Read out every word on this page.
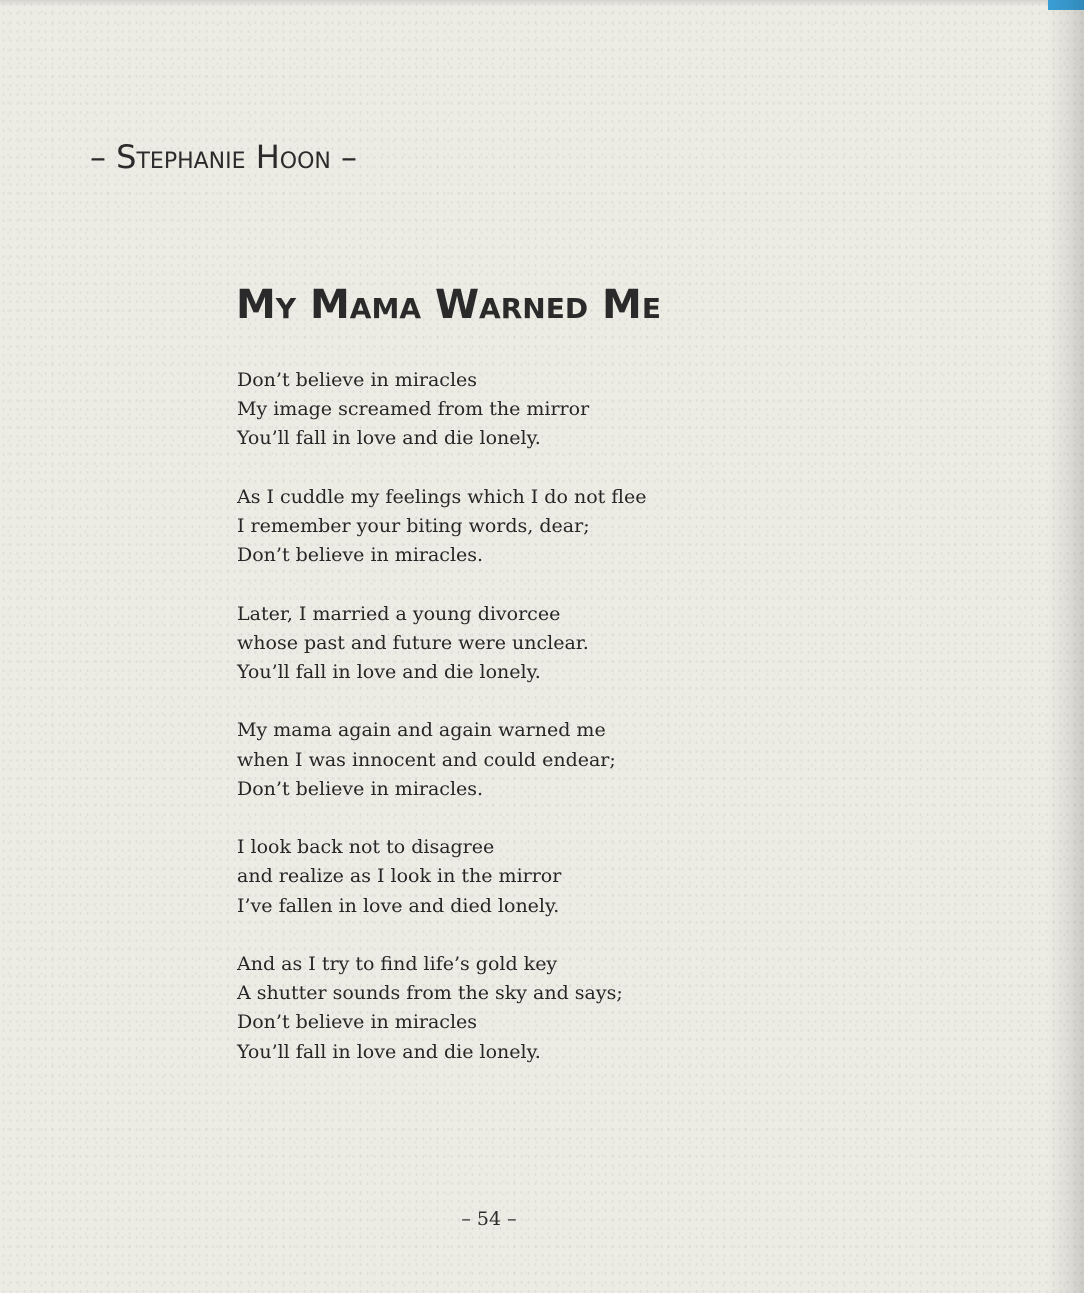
– Stephanie Hoon –
My Mama Warned Me
Don’t believe in miracles
My image screamed from the mirror
You’ll fall in love and die lonely.
As I cuddle my feelings which I do not flee
I remember your biting words, dear;
Don’t believe in miracles.
Later, I married a young divorcee
whose past and future were unclear.
You’ll fall in love and die lonely.
My mama again and again warned me
when I was innocent and could endear;
Don’t believe in miracles.
I look back not to disagree
and realize as I look in the mirror
I’ve fallen in love and died lonely.
And as I try to find life’s gold key
A shutter sounds from the sky and says;
Don’t believe in miracles
You’ll fall in love and die lonely.
– 54 –
